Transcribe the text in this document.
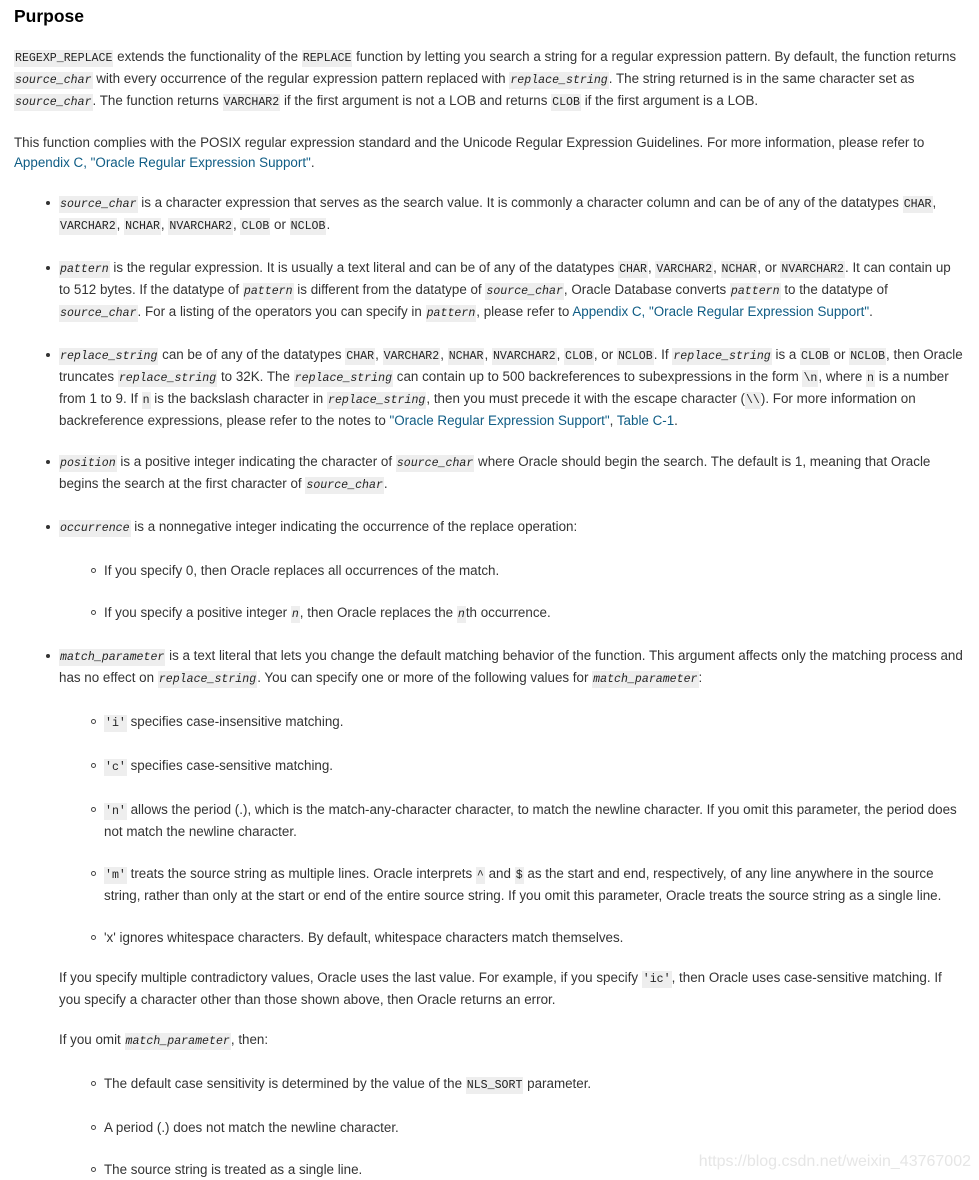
Purpose

REGEXP_REPLACE extends the functionality of the REPLACE function by letting you search a string for a regular expression pattern. By default, the function returns source_char with every occurrence of the regular expression pattern replaced with replace_string. The string returned is in the same character set as source_char. The function returns VARCHAR2 if the first argument is not a LOB and returns CLOB if the first argument is a LOB.

This function complies with the POSIX regular expression standard and the Unicode Regular Expression Guidelines. For more information, please refer to Appendix C, "Oracle Regular Expression Support".

source_char is a character expression that serves as the search value. It is commonly a character column and can be of any of the datatypes CHAR, VARCHAR2, NCHAR, NVARCHAR2, CLOB or NCLOB.
pattern is the regular expression. It is usually a text literal and can be of any of the datatypes CHAR, VARCHAR2, NCHAR, or NVARCHAR2. It can contain up to 512 bytes. If the datatype of pattern is different from the datatype of source_char, Oracle Database converts pattern to the datatype of source_char. For a listing of the operators you can specify in pattern, please refer to Appendix C, "Oracle Regular Expression Support".
replace_string can be of any of the datatypes CHAR, VARCHAR2, NCHAR, NVARCHAR2, CLOB, or NCLOB. If replace_string is a CLOB or NCLOB, then Oracle truncates replace_string to 32K. The replace_string can contain up to 500 backreferences to subexpressions in the form \n, where n is a number from 1 to 9. If n is the backslash character in replace_string, then you must precede it with the escape character (\\). For more information on backreference expressions, please refer to the notes to "Oracle Regular Expression Support", Table C-1.
position is a positive integer indicating the character of source_char where Oracle should begin the search. The default is 1, meaning that Oracle begins the search at the first character of source_char.
occurrence is a nonnegative integer indicating the occurrence of the replace operation:
If you specify 0, then Oracle replaces all occurrences of the match.
If you specify a positive integer n, then Oracle replaces the nth occurrence.
match_parameter is a text literal that lets you change the default matching behavior of the function. This argument affects only the matching process and has no effect on replace_string. You can specify one or more of the following values for match_parameter:
'i' specifies case-insensitive matching.
'c' specifies case-sensitive matching.
'n' allows the period (.), which is the match-any-character character, to match the newline character. If you omit this parameter, the period does not match the newline character.
'm' treats the source string as multiple lines. Oracle interprets ^ and $ as the start and end, respectively, of any line anywhere in the source string, rather than only at the start or end of the entire source string. If you omit this parameter, Oracle treats the source string as a single line.
'x' ignores whitespace characters. By default, whitespace characters match themselves.

If you specify multiple contradictory values, Oracle uses the last value. For example, if you specify 'ic', then Oracle uses case-sensitive matching. If you specify a character other than those shown above, then Oracle returns an error.

If you omit match_parameter, then:

The default case sensitivity is determined by the value of the NLS_SORT parameter.
A period (.) does not match the newline character.
The source string is treated as a single line.	https://blog.csdn.net/weixin_43767002
